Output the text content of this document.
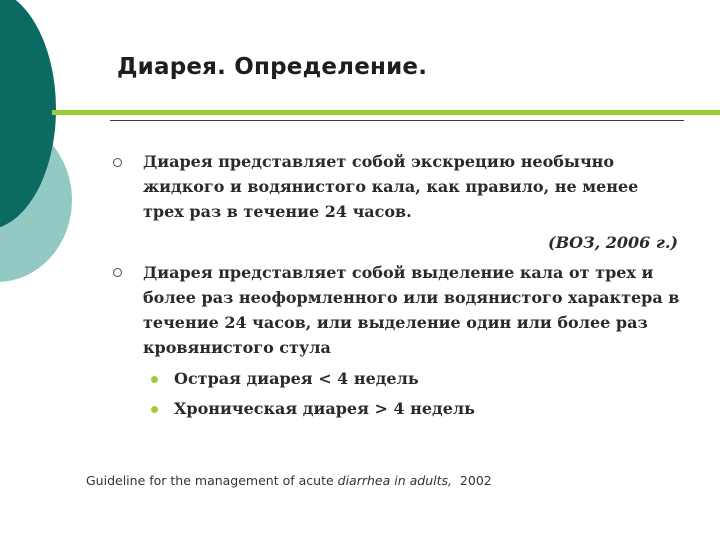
Диарея. Определение.

Диарея представляет собой экскрецию необычно жидкого и водянистого кала, как правило, не менее трех раз в течение 24 часов.

(ВОЗ, 2006 г.)

Диарея представляет собой выделение кала от трех и более раз неоформленного или водянистого характера в течение 24 часов, или выделение один или более раз кровянистого стула

Острая диарея < 4 недель

Хроническая диарея > 4 недель

Guideline for the management of acute diarrhea in adults,  2002
